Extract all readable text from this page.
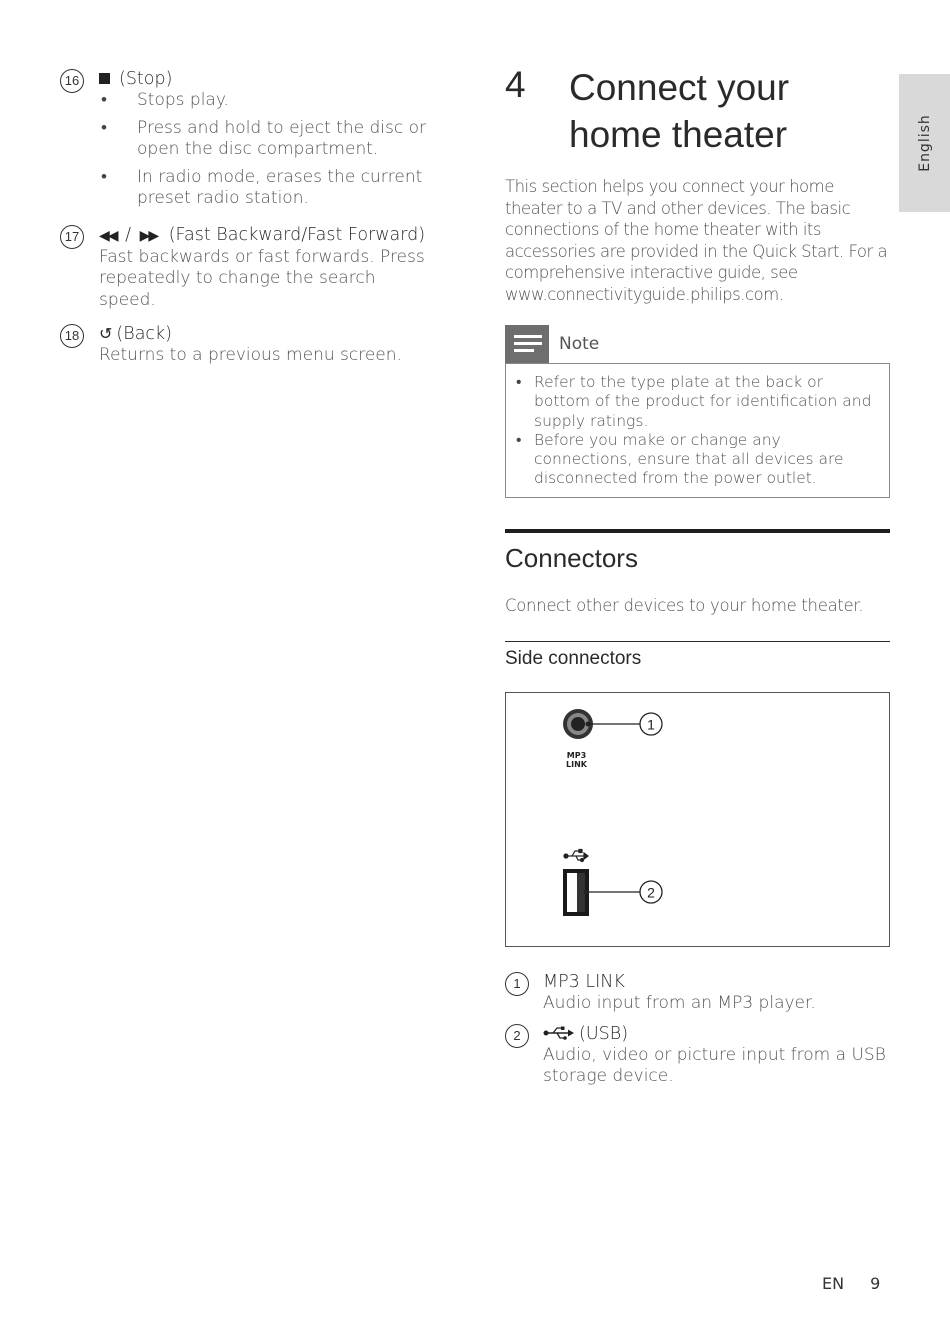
16	(Stop)
• Stops play.
• Press and hold to eject the disc or open the disc compartment.
• In radio mode, erases the current preset radio station.
17	◀◀ / ▶▶ (Fast Backward/Fast Forward)
Fast backwards or fast forwards. Press repeatedly to change the search speed.
18 ↺ (Back)
Returns to a previous menu screen.
4 Connect your home theater

This section helps you connect your home theater to a TV and other devices. The basic connections of the home theater with its accessories are provided in the Quick Start. For a comprehensive interactive guide, see www.connectivityguide.philips.com.

Note
• Refer to the type plate at the back or bottom of the product for identification and supply ratings.
• Before you make or change any connections, ensure that all devices are disconnected from the power outlet.
Connectors
Connect other devices to your home theater.
Side connectors
1
2
MP3
LINK
1	MP3 LINK
Audio input from an MP3 player.
2	(USB)
Audio, video or picture input from a USB storage device.
English
EN 9
